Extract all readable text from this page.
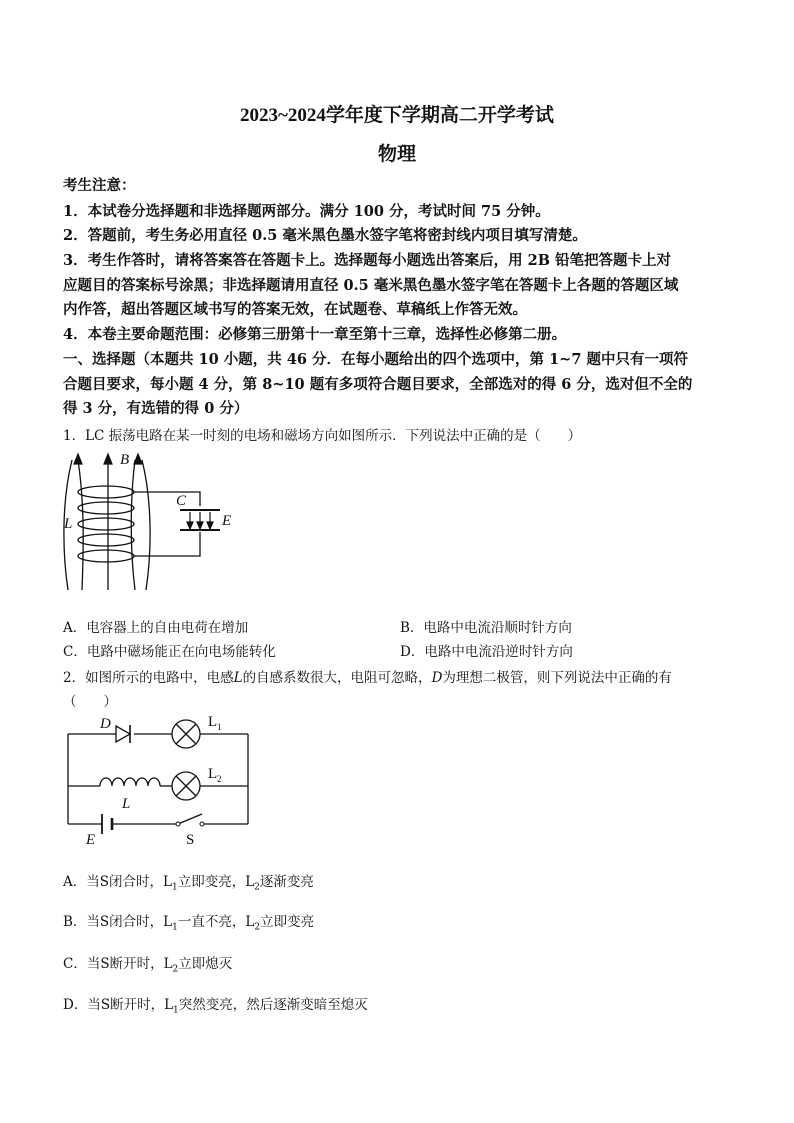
2023~2024学年度下学期高二开学考试
物理
考生注意：
1．本试卷分选择题和非选择题两部分。满分 100 分，考试时间 75 分钟。
2．答题前，考生务必用直径 0.5 毫米黑色墨水签字笔将密封线内项目填写清楚。
3．考生作答时，请将答案答在答题卡上。选择题每小题选出答案后，用 2B 铅笔把答题卡上对
应题目的答案标号涂黑；非选择题请用直径 0.5 毫米黑色墨水签字笔在答题卡上各题的答题区域
内作答，超出答题区域书写的答案无效，在试题卷、草稿纸上作答无效。
4．本卷主要命题范围：必修第三册第十一章至第十三章，选择性必修第二册。
一、选择题（本题共 10 小题，共 46 分．在每小题给出的四个选项中，第 1~7 题中只有一项符
合题目要求，每小题 4 分，第 8~10 题有多项符合题目要求，全部选对的得 6 分，选对但不全的
得 3 分，有选错的得 0 分）
1．LC 振荡电路在某一时刻的电场和磁场方向如图所示．下列说法中正确的是（　　）
B
C
L	E
A．电容器上的自由电荷在增加	B．电路中电流沿顺时针方向
C．电路中磁场能正在向电场能转化	D．电路中电流沿逆时针方向
2．如图所示的电路中，电感L的自感系数很大，电阻可忽略，D为理想二极管，则下列说法中正确的有
（　　）
D	L 1
L 2
L
E	S
A．当S闭合时，$L_1$立即变亮，$L_2$逐渐变亮
B．当S闭合时，$L_1$一直不亮，$L_2$立即变亮
C．当S断开时，$L_2$立即熄灭
D．当S断开时，$L_1$突然变亮，然后逐渐变暗至熄灭
